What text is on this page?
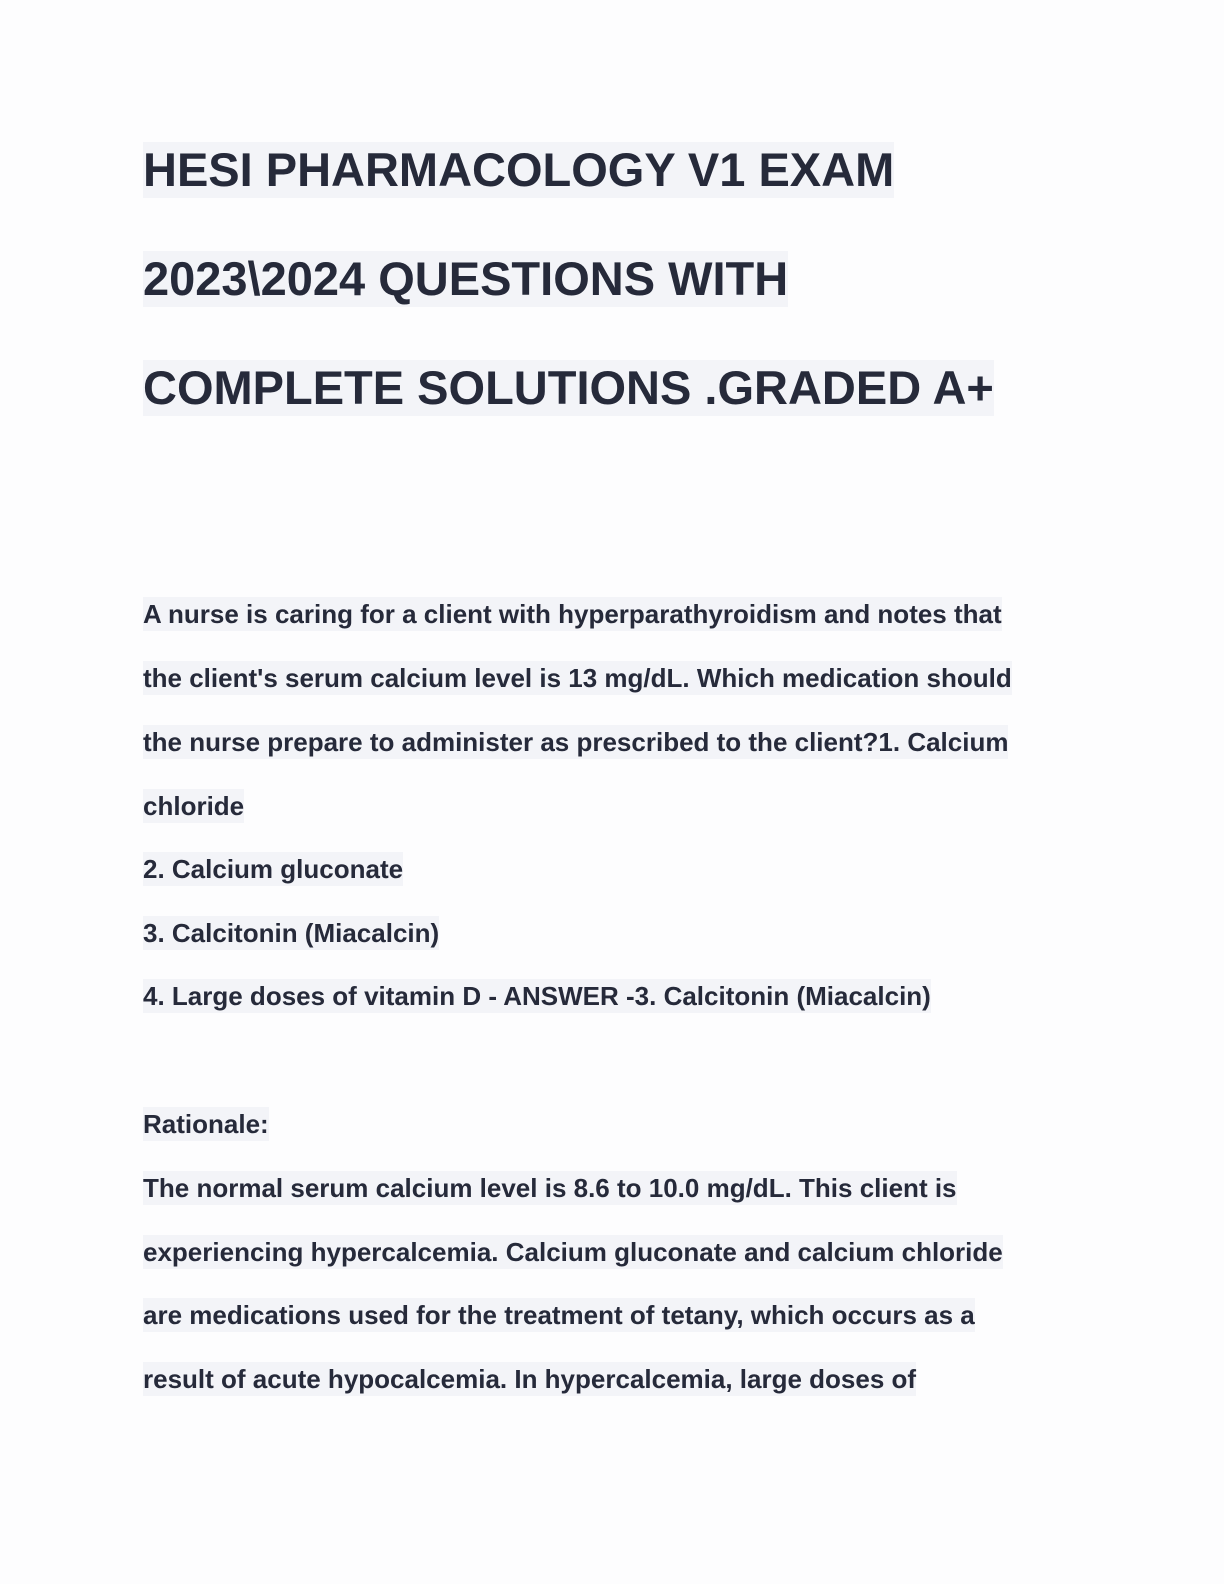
HESI PHARMACOLOGY V1 EXAM
2023\2024 QUESTIONS WITH
COMPLETE SOLUTIONS .GRADED A+
A nurse is caring for a client with hyperparathyroidism and notes that
the client's serum calcium level is 13 mg/dL. Which medication should
the nurse prepare to administer as prescribed to the client?1. Calcium
chloride
2. Calcium gluconate
3. Calcitonin (Miacalcin)
4. Large doses of vitamin D - ANSWER -3. Calcitonin (Miacalcin)
Rationale:
The normal serum calcium level is 8.6 to 10.0 mg/dL. This client is
experiencing hypercalcemia. Calcium gluconate and calcium chloride
are medications used for the treatment of tetany, which occurs as a
result of acute hypocalcemia. In hypercalcemia, large doses of
